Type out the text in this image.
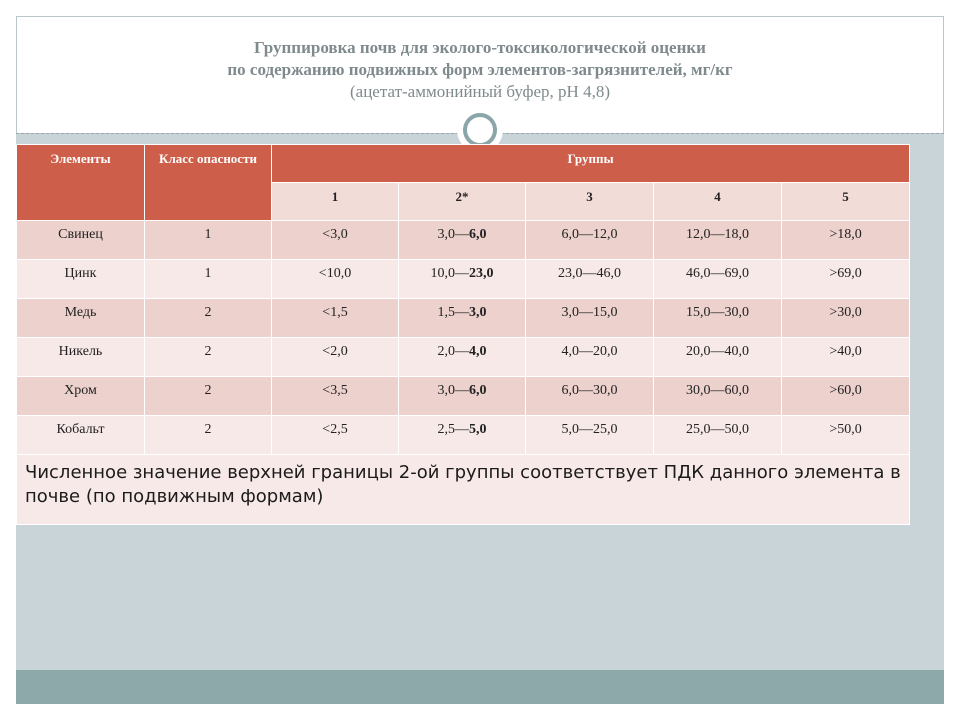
Группировка почв для эколого-токсикологической оценки
по содержанию подвижных форм элементов-загрязнителей, мг/кг
(ацетат-аммонийный буфер, pH 4,8)
Элементы	Класс опасности	Группы				
		1	2*	3	4	5
Свинец	1	<3,0	3,0—6,0	6,0—12,0	12,0—18,0	>18,0
Цинк	1	<10,0	10,0—23,0	23,0—46,0	46,0—69,0	>69,0
Медь	2	<1,5	1,5—3,0	3,0—15,0	15,0—30,0	>30,0
Никель	2	<2,0	2,0—4,0	4,0—20,0	20,0—40,0	>40,0
Хром	2	<3,5	3,0—6,0	6,0—30,0	30,0—60,0	>60,0
Кобальт	2	<2,5	2,5—5,0	5,0—25,0	25,0—50,0	>50,0
Численное значение верхней границы 2-ой группы соответствует ПДК данного элемента в почве (по подвижным формам)						
